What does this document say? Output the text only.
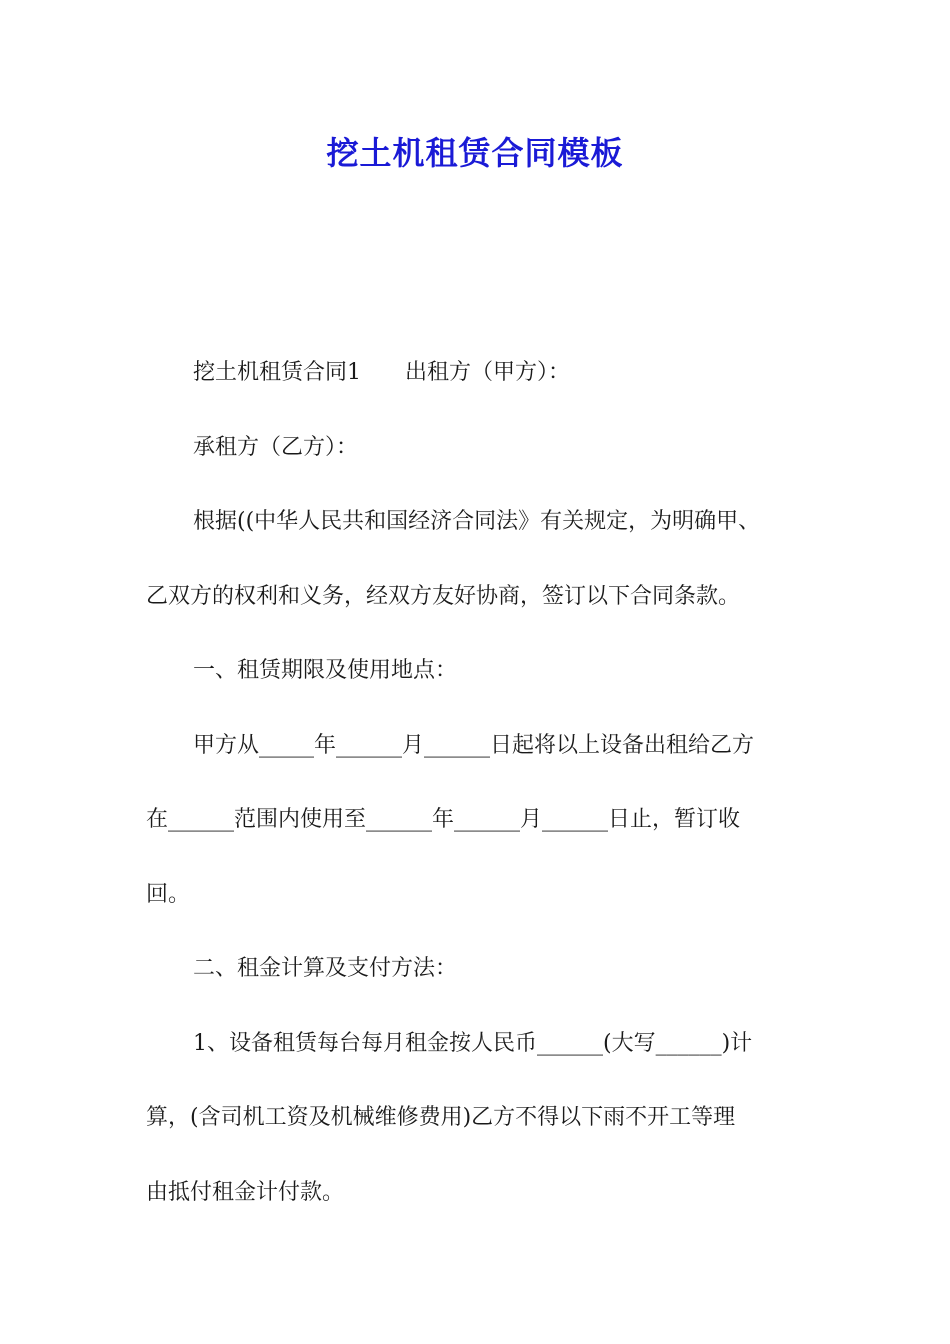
挖土机租赁合同模板

挖土机租赁合同1　　出租方（甲方）：

承租方（乙方）：

根据((中华人民共和国经济合同法》有关规定，为明确甲、

乙双方的权利和义务，经双方友好协商，签订以下合同条款。

一、租赁期限及使用地点：

甲方从_____年______月______日起将以上设备出租给乙方

在______范围内使用至______年______月______日止，暂订收

回。

二、租金计算及支付方法：

1、设备租赁每台每月租金按人民币______(大写______)计

算，(含司机工资及机械维修费用)乙方不得以下雨不开工等理

由抵付租金计付款。
